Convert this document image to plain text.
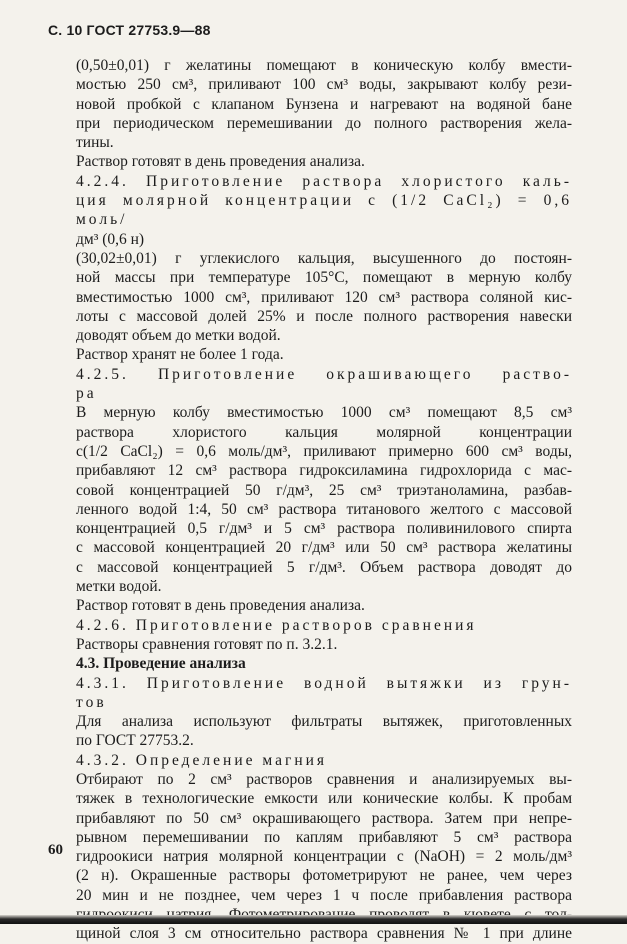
С. 10 ГОСТ 27753.9—88

(0,50±0,01) г желатины помещают в коническую колбу вмести-

мостью 250 см³, приливают 100 см³ воды, закрывают колбу рези-

новой пробкой с клапаном Бунзена и нагревают на водяной бане

при периодическом перемешивании до полного растворения жела-

тины.

Раствор готовят в день проведения анализа.

4.2.4. Приготовление раствора хлористого каль-

ция молярной концентрации c (1/2 CaCl₂) = 0,6 моль/

дм³ (0,6 н)

(30,02±0,01) г углекислого кальция, высушенного до постоян-

ной массы при температуре 105°С, помещают в мерную колбу

вместимостью 1000 см³, приливают 120 см³ раствора соляной кис-

лоты с массовой долей 25% и после полного растворения навески

доводят объем до метки водой.

Раствор хранят не более 1 года.

4.2.5. Приготовление окрашивающего раство-

ра

В мерную колбу вместимостью 1000 см³ помещают 8,5 см³

раствора хлористого кальция молярной концентрации

c(1/2 CaCl₂) = 0,6 моль/дм³, приливают примерно 600 см³ воды,

прибавляют 12 см³ раствора гидроксиламина гидрохлорида с мас-

совой концентрацией 50 г/дм³, 25 см³ триэтаноламина, разбав-

ленного водой 1:4, 50 см³ раствора титанового желтого с массовой

концентрацией 0,5 г/дм³ и 5 см³ раствора поливинилового спирта

с массовой концентрацией 20 г/дм³ или 50 см³ раствора желатины

с массовой концентрацией 5 г/дм³. Объем раствора доводят до

метки водой.

Раствор готовят в день проведения анализа.

4.2.6. Приготовление растворов сравнения

Растворы сравнения готовят по п. 3.2.1.

4.3. Проведение анализа

4.3.1. Приготовление водной вытяжки из грун-

тов

Для анализа используют фильтраты вытяжек, приготовленных

по ГОСТ 27753.2.

4.3.2. Определение магния

Отбирают по 2 см³ растворов сравнения и анализируемых вы-

тяжек в технологические емкости или конические колбы. К пробам

прибавляют по 50 см³ окрашивающего раствора. Затем при непре-

рывном перемешивании по каплям прибавляют 5 см³ раствора

гидроокиси натрия молярной концентрации c (NaOH) = 2 моль/дм³

(2 н). Окрашенные растворы фотометрируют не ранее, чем через

20 мин и не позднее, чем через 1 ч после прибавления раствора

щиной слоя 3 см относительно раствора сравнения № 1 при длине

60
